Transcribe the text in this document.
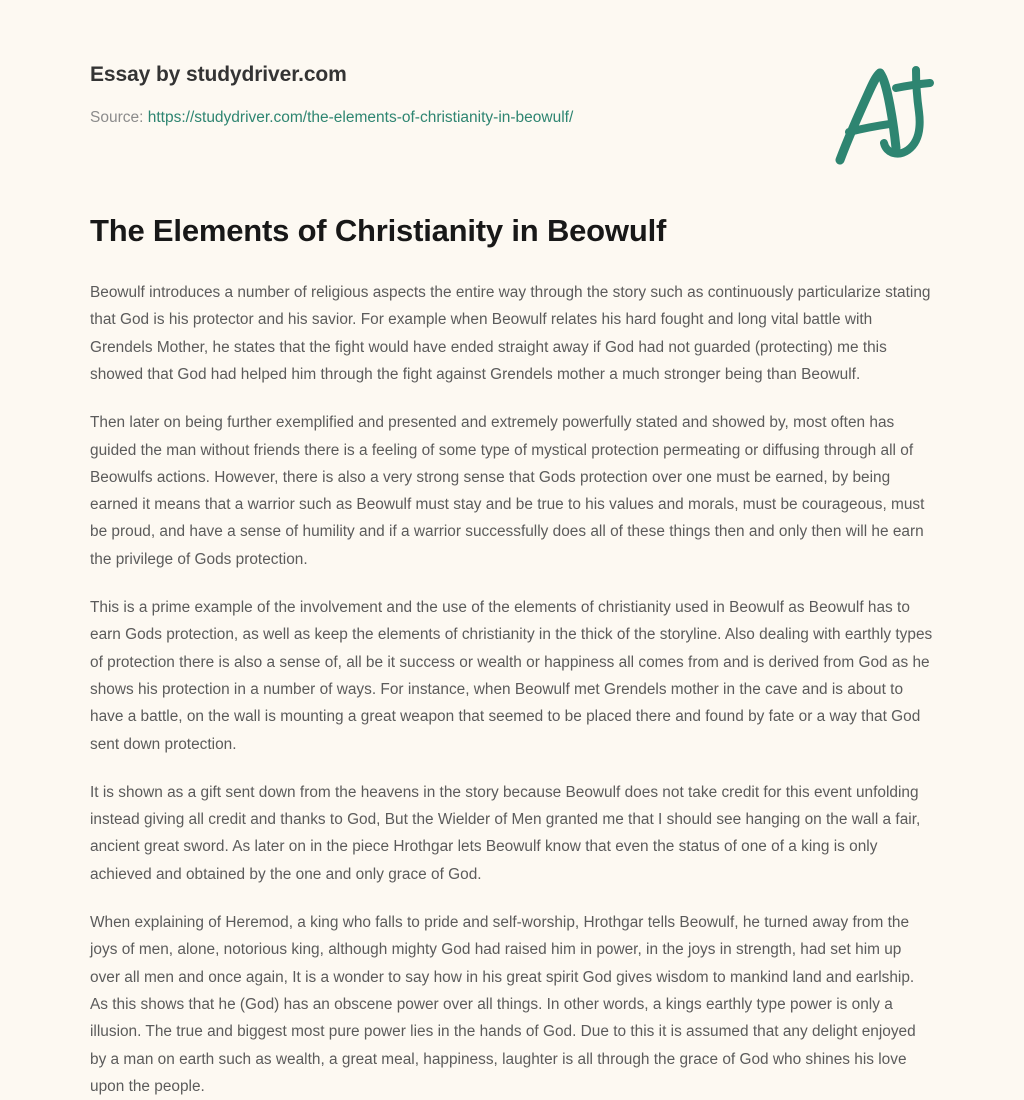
Essay by studydriver.com
Source: https://studydriver.com/the-elements-of-christianity-in-beowulf/
The Elements of Christianity in Beowulf

Beowulf introduces a number of religious aspects the entire way through the story such as continuously particularize stating that God is his protector and his savior. For example when Beowulf relates his hard fought and long vital battle with Grendels Mother, he states that the fight would have ended straight away if God had not guarded (protecting) me this showed that God had helped him through the fight against Grendels mother a much stronger being than Beowulf.

Then later on being further exemplified and presented and extremely powerfully stated and showed by, most often has guided the man without friends there is a feeling of some type of mystical protection permeating or diffusing through all of Beowulfs actions. However, there is also a very strong sense that Gods protection over one must be earned, by being earned it means that a warrior such as Beowulf must stay and be true to his values and morals, must be courageous, must be proud, and have a sense of humility and if a warrior successfully does all of these things then and only then will he earn the privilege of Gods protection.

This is a prime example of the involvement and the use of the elements of christianity used in Beowulf as Beowulf has to earn Gods protection, as well as keep the elements of christianity in the thick of the storyline. Also dealing with earthly types of protection there is also a sense of, all be it success or wealth or happiness all comes from and is derived from God as he shows his protection in a number of ways. For instance, when Beowulf met Grendels mother in the cave and is about to have a battle, on the wall is mounting a great weapon that seemed to be placed there and found by fate or a way that God sent down protection.

It is shown as a gift sent down from the heavens in the story because Beowulf does not take credit for this event unfolding instead giving all credit and thanks to God, But the Wielder of Men granted me that I should see hanging on the wall a fair, ancient great sword. As later on in the piece Hrothgar lets Beowulf know that even the status of one of a king is only achieved and obtained by the one and only grace of God.

When explaining of Heremod, a king who falls to pride and self-worship, Hrothgar tells Beowulf, he turned away from the joys of men, alone, notorious king, although mighty God had raised him in power, in the joys in strength, had set him up over all men and once again, It is a wonder to say how in his great spirit God gives wisdom to mankind land and earlship. As this shows that he (God) has an obscene power over all things. In other words, a kings earthly type power is only a illusion. The true and biggest most pure power lies in the hands of God. Due to this it is assumed that any delight enjoyed by a man on earth such as wealth, a great meal, happiness, laughter is all through the grace of God who shines his love upon the people.
